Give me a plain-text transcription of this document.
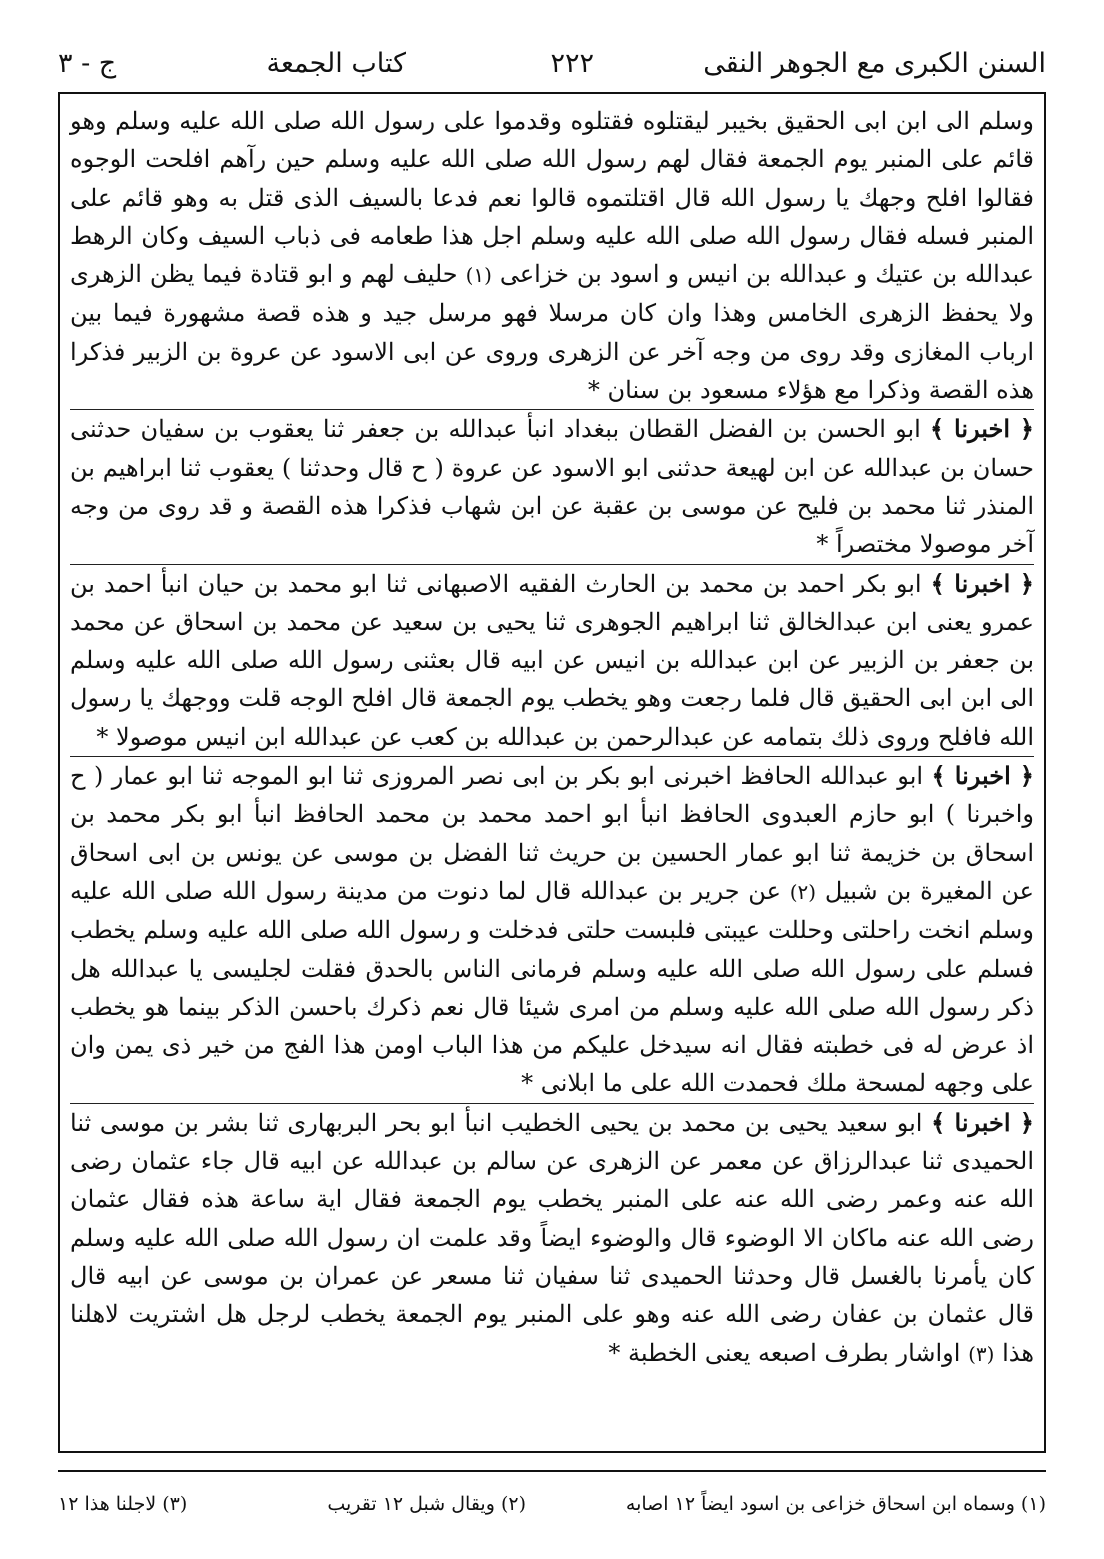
السنن الكبرى مع الجوهر النقى
٢٢٢
كتاب الجمعة
ج - ٣

وسلم الى ابن ابى الحقيق بخيبر ليقتلوه فقتلوه وقدموا على رسول الله صلى الله عليه وسلم وهو قائم على المنبر يوم الجمعة فقال لهم رسول الله صلى الله عليه وسلم حين رآهم افلحت الوجوه فقالوا افلح وجهك يا رسول الله قال اقتلتموه قالوا نعم فدعا بالسيف الذى قتل به وهو قائم على المنبر فسله فقال رسول الله صلى الله عليه وسلم اجل هذا طعامه فى ذباب السيف وكان الرهط عبدالله بن عتيك و عبدالله بن انيس و اسود بن خزاعى (١) حليف لهم و ابو قتادة فيما يظن الزهرى ولا يحفظ الزهرى الخامس وهذا وان كان مرسلا فهو مرسل جيد و هذه قصة مشهورة فيما بين ارباب المغازى وقد روى من وجه آخر عن الزهرى وروى عن ابى الاسود عن عروة بن الزبير فذكرا هذه القصة وذكرا مع هؤلاء مسعود بن سنان *

﴿ اخبرنا ﴾ ابو الحسن بن الفضل القطان ببغداد انبأ عبدالله بن جعفر ثنا يعقوب بن سفيان حدثنى حسان بن عبدالله عن ابن لهيعة حدثنى ابو الاسود عن عروة ( ح قال وحدثنا ) يعقوب ثنا ابراهيم بن المنذر ثنا محمد بن فليح عن موسى بن عقبة عن ابن شهاب فذكرا هذه القصة و قد روى من وجه آخر موصولا مختصراً *

﴿ اخبرنا ﴾ ابو بكر احمد بن محمد بن الحارث الفقيه الاصبهانى ثنا ابو محمد بن حيان انبأ احمد بن عمرو يعنى ابن عبدالخالق ثنا ابراهيم الجوهرى ثنا يحيى بن سعيد عن محمد بن اسحاق عن محمد بن جعفر بن الزبير عن ابن عبدالله بن انيس عن ابيه قال بعثنى رسول الله صلى الله عليه وسلم الى ابن ابى الحقيق قال فلما رجعت وهو يخطب يوم الجمعة قال افلح الوجه قلت ووجهك يا رسول الله فافلح وروى ذلك بتمامه عن عبدالرحمن بن عبدالله بن كعب عن عبدالله ابن انيس موصولا *

﴿ اخبرنا ﴾ ابو عبدالله الحافظ اخبرنى ابو بكر بن ابى نصر المروزى ثنا ابو الموجه ثنا ابو عمار ( ح واخبرنا ) ابو حازم العبدوى الحافظ انبأ ابو احمد محمد بن محمد الحافظ انبأ ابو بكر محمد بن اسحاق بن خزيمة ثنا ابو عمار الحسين بن حريث ثنا الفضل بن موسى عن يونس بن ابى اسحاق عن المغيرة بن شبيل (٢) عن جرير بن عبدالله قال لما دنوت من مدينة رسول الله صلى الله عليه وسلم انخت راحلتى وحللت عيبتى فلبست حلتى فدخلت و رسول الله صلى الله عليه وسلم يخطب فسلم على رسول الله صلى الله عليه وسلم فرمانى الناس بالحدق فقلت لجليسى يا عبدالله هل ذكر رسول الله صلى الله عليه وسلم من امرى شيئا قال نعم ذكرك باحسن الذكر بينما هو يخطب اذ عرض له فى خطبته فقال انه سيدخل عليكم من هذا الباب اومن هذا الفج من خير ذى يمن وان على وجهه لمسحة ملك فحمدت الله على ما ابلانى *

﴿ اخبرنا ﴾ ابو سعيد يحيى بن محمد بن يحيى الخطيب انبأ ابو بحر البربهارى ثنا بشر بن موسى ثنا الحميدى ثنا عبدالرزاق عن معمر عن الزهرى عن سالم بن عبدالله عن ابيه قال جاء عثمان رضى الله عنه وعمر رضى الله عنه على المنبر يخطب يوم الجمعة فقال اية ساعة هذه فقال عثمان رضى الله عنه ماكان الا الوضوء قال والوضوء ايضاً وقد علمت ان رسول الله صلى الله عليه وسلم كان يأمرنا بالغسل قال وحدثنا الحميدى ثنا سفيان ثنا مسعر عن عمران بن موسى عن ابيه قال قال عثمان بن عفان رضى الله عنه وهو على المنبر يوم الجمعة يخطب لرجل هل اشتريت لاهلنا هذا (٣) اواشار بطرف اصبعه يعنى الخطبة *

(١) وسماه ابن اسحاق خزاعى بن اسود ايضاً ١٢ اصابه
(٢) ويقال شبل ١٢ تقريب
(٣) لاجلنا هذا ١٢
